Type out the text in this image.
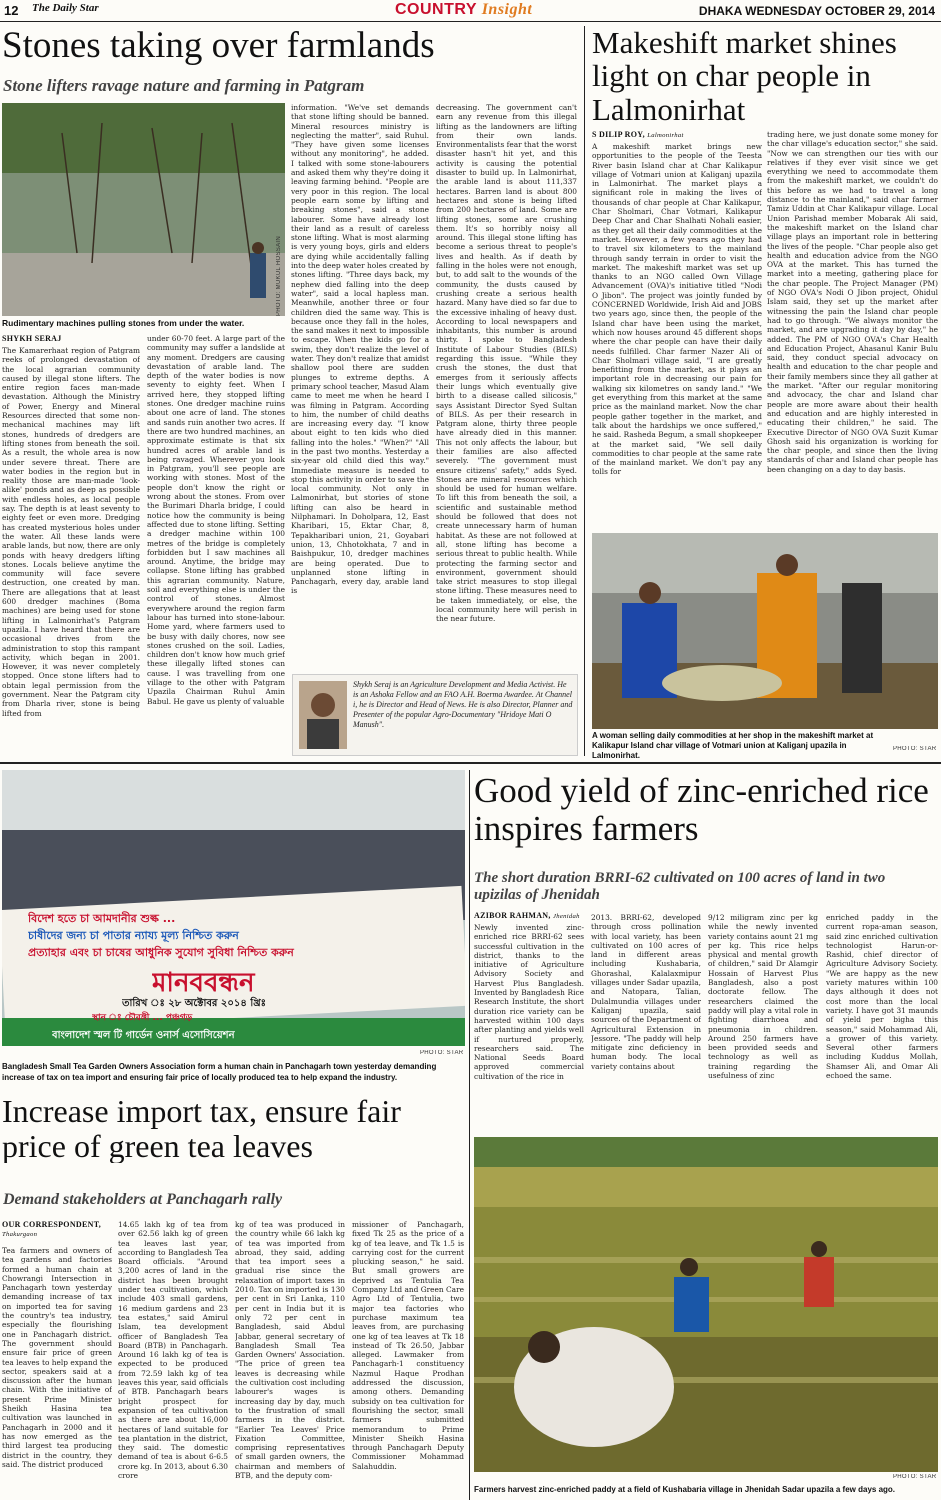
12 The Daily Star	COUNTRY Insight	DHAKA WEDNESDAY OCTOBER 29, 2014
Stones taking over farmlands
Stone lifters ravage nature and farming in Patgram
PHOTO: MUKUL HOSSAIN
Rudimentary machines pulling stones from under the water.
SHYKH SERAJ
The Kamarerhaat region of Patgram reeks of prolonged devastation of the local agrarian community caused by illegal stone lifters. The entire region faces man-made devastation. Although the Ministry of Power, Energy and Mineral Resources directed that some non-mechanical machines may lift stones, hundreds of dredgers are lifting stones from beneath the soil. As a result, the whole area is now under severe threat. There are water bodies in the region but in reality those are man-made 'look-alike' ponds and as deep as possible with endless holes, as local people say. The depth is at least seventy to eighty feet or even more. Dredging has created mysterious holes under the water. All these lands were arable lands, but now, there are only ponds with heavy dredgers lifting stones. Locals believe anytime the community will face severe destruction, one created by man. There are allegations that at least 600 dredger machines (Boma machines) are being used for stone lifting in Lalmonirhat's Patgram upazila. I have heard that there are occasional drives from the administration to stop this rampant activity, which began in 2001. However, it was never completely stopped. Once stone lifters had to obtain legal permission from the government. Near the Patgram city from Dharla river, stone is being lifted from
under 60-70 feet. A large part of the community may suffer a landslide at any moment. Dredgers are causing devastation of arable land. The depth of the water bodies is now seventy to eighty feet. When I arrived here, they stopped lifting stones. One dredger machine ruins about one acre of land. The stones and sands ruin another two acres. If there are two hundred machines, an approximate estimate is that six hundred acres of arable land is being ravaged. Wherever you look in Patgram, you'll see people are working with stones. Most of the people don't know the right or wrong about the stones. From over the Burimari Dharla bridge, I could notice how the community is being affected due to stone lifting. Setting a dredger machine within 100 metres of the bridge is completely forbidden but I saw machines all around. Anytime, the bridge may collapse. Stone lifting has grabbed this agrarian community. Nature, soil and everything else is under the control of stones. Almost everywhere around the region farm labour has turned into stone-labour. Home yard, where farmers used to be busy with daily chores, now see stones crushed on the soil. Ladies, children don't know how much grief these illegally lifted stones can cause. I was travelling from one village to the other with Patgram Upazila Chairman Ruhul Amin Babul. He gave us plenty of valuable
information. "We've set demands that stone lifting should be banned. Mineral resources ministry is neglecting the matter", said Ruhul. "They have given some licenses without any monitoring", he added. I talked with some stone-labourers and asked them why they're doing it leaving farming behind. "People are very poor in this region. The local people earn some by lifting and breaking stones", said a stone labourer. Some have already lost their land as a result of careless stone lifting. What is most alarming is very young boys, girls and elders are dying while accidentally falling into the deep water holes created by stones lifting. "Three days back, my nephew died falling into the deep water", said a local hapless man. Meanwhile, another three or four children died the same way. This is because once they fall in the holes, the sand makes it next to impossible to escape. When the kids go for a swim, they don't realize the level of water. They don't realize that amidst shallow pool there are sudden plunges to extreme depths. A primary school teacher, Masud Alam came to meet me when he heard I was filming in Patgram. According to him, the number of child deaths are increasing every day. "I know about eight to ten kids who died falling into the holes." "When?" "All in the past two months. Yesterday a six-year old child died this way." Immediate measure is needed to stop this activity in order to save the local community. Not only in Lalmonirhat, but stories of stone lifting can also be heard in Nilphamari. In Doholpara, 12, East Kharibari, 15, Ektar Char, 8, Tepakharibari union, 21, Goyabari union, 13, Chhotokhata, 7 and in Baishpukur, 10, dredger machines are being operated. Due to unplanned stone lifting in Panchagarh, every day, arable land is
decreasing. The government can't earn any revenue from this illegal lifting as the landowners are lifting from their own lands. Environmentalists fear that the worst disaster hasn't hit yet, and this activity is causing the potential disaster to build up. In Lalmonirhat, the arable land is about 111,337 hectares. Barren land is about 800 hectares and stone is being lifted from 200 hectares of land. Some are lifting stones, some are crushing them. It's so horribly noisy all around. This illegal stone lifting has become a serious threat to people's lives and health. As if death by falling in the holes were not enough, but, to add salt to the wounds of the community, the dusts caused by crushing create a serious health hazard. Many have died so far due to the excessive inhaling of heavy dust. According to local newspapers and inhabitants, this number is around thirty. I spoke to Bangladesh Institute of Labour Studies (BILS) regarding this issue. "While they crush the stones, the dust that emerges from it seriously affects their lungs which eventually give birth to a disease called silicosis," says Assistant Director Syed Sultan of BILS. As per their research in Patgram alone, thirty three people have already died in this manner. This not only affects the labour, but their families are also affected severely. "The government must ensure citizens' safety," adds Syed. Stones are mineral resources which should be used for human welfare. To lift this from beneath the soil, a scientific and sustainable method should be followed that does not create unnecessary harm of human habitat. As these are not followed at all, stone lifting has become a serious threat to public health. While protecting the farming sector and environment, government should take strict measures to stop illegal stone lifting. These measures need to be taken immediately, or else, the local community here will perish in the near future.

Shykh Seraj is an Agriculture Development and Media Activist. He is an Ashoka Fellow and an FAO A.H. Boerma Awardee. At Channel i, he is Director and Head of News. He is also Director, Planner and Presenter of the popular Agro-Documentary "Hridoye Mati O Manush".

Makeshift market shines light on char people in Lalmonirhat
S DILIP ROY, Lalmonirhat
A makeshift market brings new opportunities to the people of the Teesta River basin Island char at Char Kalikapur village of Votmari union at Kaliganj upazila in Lalmonirhat. The market plays a significant role in making the lives of thousands of char people at Char Kalikapur, Char Sholmari, Char Votmari, Kalikapur Deep Char and Char Shalhati Nohali easier, as they get all their daily commodities at the market. However, a few years ago they had to travel six kilometers to the mainland through sandy terrain in order to visit the market. The makeshift market was set up thanks to an NGO called Own Village Advancement (OVA)'s initiative titled "Nodi O Jibon". The project was jointly funded by CONCERNED Worldwide, Irish Aid and JOBS two years ago, since then, the people of the Island char have been using the market, which now houses around 45 different shops where the char people can have their daily needs fulfilled. Char farmer Nazer Ali of Char Sholmari village said, "I are greatly benefitting from the market, as it plays an important role in decreasing our pain for walking six kilometres on sandy land." "We get everything from this market at the same price as the mainland market. Now the char people gather together in the market, and talk about the hardships we once suffered," he said. Rasheda Begum, a small shopkeeper at the market said, "We sell daily commodities to char people at the same rate of the mainland market. We don't pay any tolls for
trading here, we just donate some money for the char village's education sector," she said. "Now we can strengthen our ties with our relatives if they ever visit since we get everything we need to accommodate them from the makeshift market, we couldn't do this before as we had to travel a long distance to the mainland," said char farmer Tamiz Uddin at Char Kalikapur village. Local Union Parishad member Mobarak Ali said, the makeshift market on the Island char village plays an important role in bettering the lives of the people. "Char people also get health and education advice from the NGO OVA at the market. This has turned the market into a meeting, gathering place for the char people. The Project Manager (PM) of NGO OVA's Nodi O Jibon project, Ohidul Islam said, they set up the market after witnessing the pain the Island char people had to go through. "We always monitor the market, and are upgrading it day by day," he added. The PM of NGO OVA's Char Health and Education Project, Ahasanul Kanir Bulu said, they conduct special advocacy on health and education to the char people and their family members since they all gather at the market. "After our regular monitoring and advocacy, the char and Island char people are more aware about their health and education and are highly interested in educating their children," he said. The Executive Director of NGO OVA Suzit Kumar Ghosh said his organization is working for the char people, and since then the living standards of char and Island char people has been changing on a day to day basis.
A woman selling daily commodities at her shop in the makeshift market at Kalikapur Island char village of Votmari union at Kaliganj upazila in Lalmonirhat.
PHOTO: STAR
বিদেশ হতে চা আমদানীর শুল্ক ...
চাষীদের জন্য চা পাতার ন্যায্য মূল্য নিশ্চিত করুন
প্রত্যাহার এবং চা চাষের আধুনিক সুযোগ সুবিধা নিশ্চিত করুন
মানববন্ধন
তারিখ ঃ ২৮ অক্টোবর ২০১৪ খ্রিঃ
স্থান ঃ চৌরঙ্গী ... পঞ্চগড়
বাংলাদেশ স্মল টি গার্ডেন ওনার্স এসোসিয়েশন
PHOTO: STAR
Bangladesh Small Tea Garden Owners Association form a human chain in Panchagarh town yesterday demanding increase of tax on tea import and ensuring fair price of locally produced tea to help expand the industry.
Increase import tax, ensure fair price of green tea leaves
Demand stakeholders at Panchagarh rally
OUR CORRESPONDENT,
Thakurgaon
Tea farmers and owners of tea gardens and factories formed a human chain at Chowrangi Intersection in Panchagarh town yesterday demanding increase of tax on imported tea for saving the country's tea industry, especially the flourishing one in Panchagarh district. The government should ensure fair price of green tea leaves to help expand the sector, speakers said at a discussion after the human chain. With the initiative of present Prime Minister Sheikh Hasina tea cultivation was launched in Panchagarh in 2000 and it has now emerged as the third largest tea producing district in the country, they said. The district produced
14.65 lakh kg of tea from over 62.56 lakh kg of green tea leaves last year, according to Bangladesh Tea Board officials. "Around 3,200 acres of land in the district has been brought under tea cultivation, which include 403 small gardens, 16 medium gardens and 23 tea estates," said Amirul Islam, tea development officer of Bangladesh Tea Board (BTB) in Panchagarh. Around 16 lakh kg of tea is expected to be produced from 72.59 lakh kg of tea leaves this year, said officials of BTB. Panchagarh bears bright prospect for expansion of tea cultivation as there are about 16,000 hectares of land suitable for tea plantation in the district, they said. The domestic demand of tea is about 6-6.5 crore kg. In 2013, about 6.30 crore
kg of tea was produced in the country while 66 lakh kg of tea was imported from abroad, they said, adding that tea import sees a gradual rise since the relaxation of import taxes in 2010. Tax on imported is 130 per cent in Sri Lanka, 110 per cent in India but it is only 72 per cent in Bangladesh, said Abdul Jabbar, general secretary of Bangladesh Small Tea Garden Owners' Association. "The price of green tea leaves is decreasing while the cultivation cost including labourer's wages is increasing day by day, much to the frustration of small farmers in the district. "Earlier Tea Leaves' Price Fixation Committee, comprising representatives of small garden owners, the chairman and members of BTB, and the deputy com-
missioner of Panchagarh, fixed Tk 25 as the price of a kg of tea leave, and Tk 1.5 is carrying cost for the current plucking season," he said. But small growers are deprived as Tentulia Tea Company Ltd and Green Care Agro Ltd of Tentulia, two major tea factories who purchase maximum tea leaves from, are purchasing one kg of tea leaves at Tk 18 instead of Tk 26.50, Jabbar alleged. Lawmaker from Panchagarh-1 constituency Nazmul Haque Prodhan addressed the discussion, among others. Demanding subsidy on tea cultivation for flourishing the sector, small farmers submitted memorandum to Prime Minister Sheikh Hasina through Panchagarh Deputy Commissioner Mohammad Salahuddin.
Good yield of zinc-enriched rice inspires farmers
The short duration BRRI-62 cultivated on 100 acres of land in two upizilas of Jhenidah
AZIBOR RAHMAN, Jhenidah
Newly invented zinc-enriched rice BRRI-62 sees successful cultivation in the district, thanks to the initiative of Agriculture Advisory Society and Harvest Plus Bangladesh. Invented by Bangladesh Rice Research Institute, the short duration rice variety can be harvested within 100 days after planting and yields well if nurtured properly, researchers said. The National Seeds Board approved commercial cultivation of the rice in
2013. BRRI-62, developed through cross pollination with local variety, has been cultivated on 100 acres of land in different areas including Kushabaria, Ghorashal, Kalalaxmipur villages under Sadar upazila, and Natopara, Talian, Dulalmundia villages under Kaliganj upazila, said sources of the Department of Agricultural Extension in Jessore. "The paddy will help mitigate zinc deficiency in human body. The local variety contains about
9/12 miligram zinc per kg while the newly invented variety contains aount 21 mg per kg. This rice helps physical and mental growth of children," said Dr Alamgir Hossain of Harvest Plus Bangladesh, also a post doctorate fellow. The researchers claimed the paddy will play a vital role in fighting diarrhoea and pneumonia in children. Around 250 farmers have been provided seeds and technology as well as training regarding the usefulness of zinc
enriched paddy in the current ropa-aman season, said zinc enriched cultivation technologist Harun-or-Rashid, chief director of Agriculture Advisory Society. "We are happy as the new variety matures within 100 days although it does not cost more than the local variety. I have got 31 maunds of yield per bigha this season," said Mohammad Ali, a grower of this variety. Several other farmers including Kuddus Mollah, Shamser Ali, and Omar Ali echoed the same.
PHOTO: STAR
Farmers harvest zinc-enriched paddy at a field of Kushabaria village in Jhenidah Sadar upazila a few days ago.
